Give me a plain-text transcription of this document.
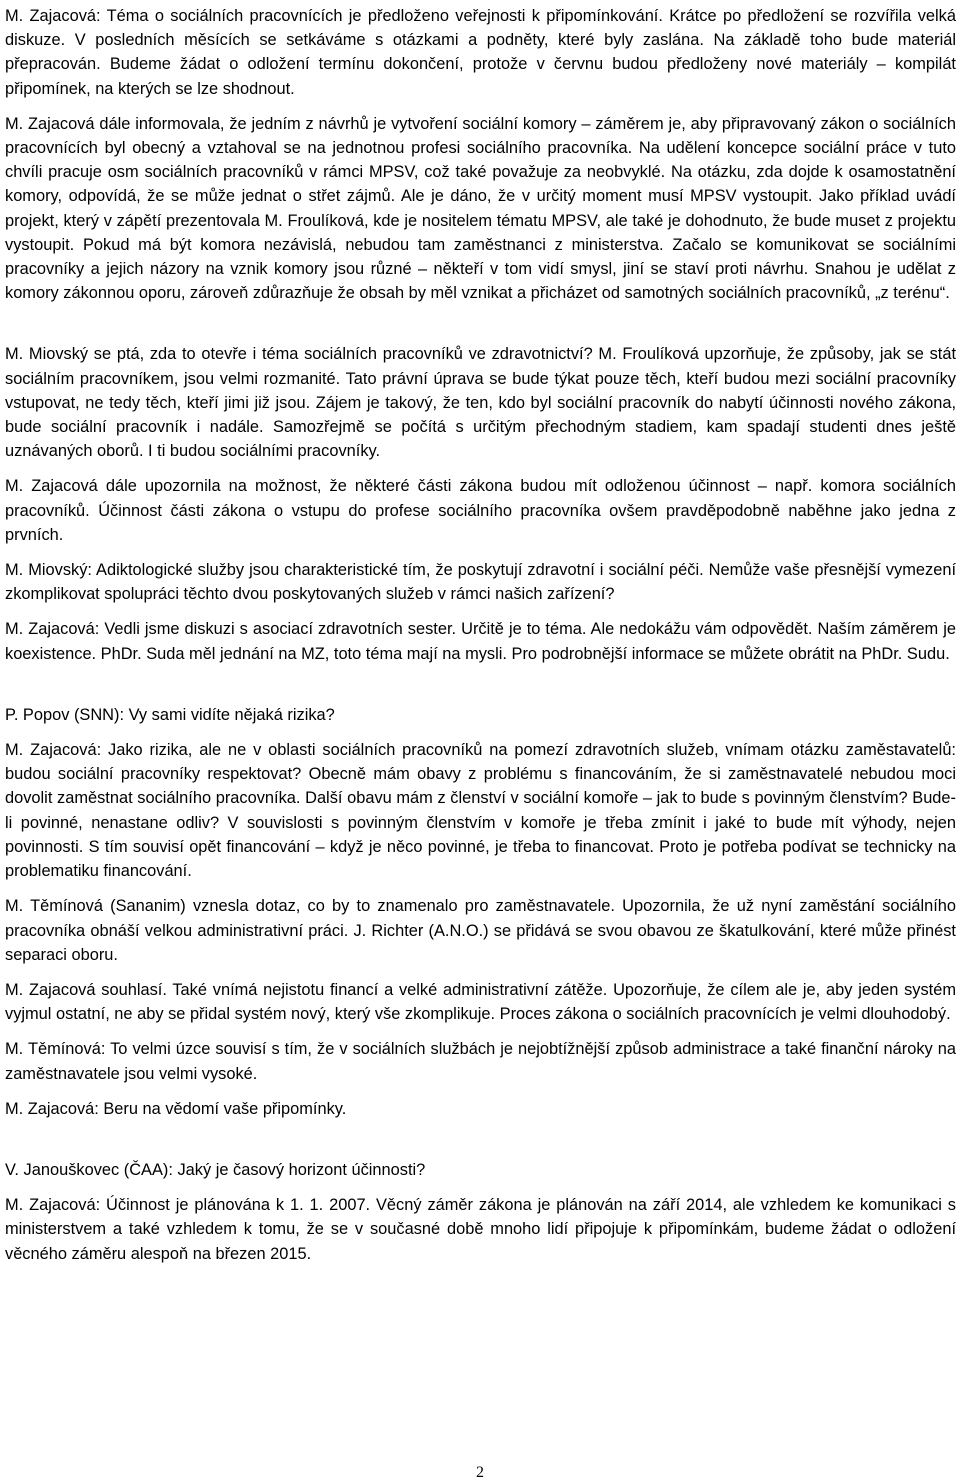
M. Zajacová: Téma o sociálních pracovnících je předloženo veřejnosti k připomínkování. Krátce po předložení se rozvířila velká diskuze. V posledních měsících se setkáváme s otázkami a podněty, které byly zaslána. Na základě toho bude materiál přepracován. Budeme žádat o odložení termínu dokončení, protože v červnu budou předloženy nové materiály – kompilát připomínek, na kterých se lze shodnout.

M. Zajacová dále informovala, že jedním z návrhů je vytvoření sociální komory – záměrem je, aby připravovaný zákon o sociálních pracovnících byl obecný a vztahoval se na jednotnou profesi sociálního pracovníka. Na udělení koncepce sociální práce v tuto chvíli pracuje osm sociálních pracovníků v rámci MPSV, což také považuje za neobvyklé. Na otázku, zda dojde k osamostatnění komory, odpovídá, že se může jednat o střet zájmů. Ale je dáno, že v určitý moment musí MPSV vystoupit. Jako příklad uvádí projekt, který v zápětí prezentovala M. Froulíková, kde je nositelem tématu MPSV, ale také je dohodnuto, že bude muset z projektu vystoupit. Pokud má být komora nezávislá, nebudou tam zaměstnanci z ministerstva. Začalo se komunikovat se sociálními pracovníky a jejich názory na vznik komory jsou různé – někteří v tom vidí smysl, jiní se staví proti návrhu. Snahou je udělat z komory zákonnou oporu, zároveň zdůrazňuje že obsah by měl vznikat a přicházet od samotných sociálních pracovníků, „z terénu“.

M. Miovský se ptá, zda to otevře i téma sociálních pracovníků ve zdravotnictví? M. Froulíková upzorňuje, že způsoby, jak se stát sociálním pracovníkem, jsou velmi rozmanité. Tato právní úprava se bude týkat pouze těch, kteří budou mezi sociální pracovníky vstupovat, ne tedy těch, kteří jimi již jsou. Zájem je takový, že ten, kdo byl sociální pracovník do nabytí účinnosti nového zákona, bude sociální pracovník i nadále. Samozřejmě se počítá s určitým přechodným stadiem, kam spadají studenti dnes ještě uznávaných oborů. I ti budou sociálními pracovníky.

M. Zajacová dále upozornila na možnost, že některé části zákona budou mít odloženou účinnost – např. komora sociálních pracovníků. Účinnost části zákona o vstupu do profese sociálního pracovníka ovšem pravděpodobně naběhne jako jedna z prvních.

M. Miovský: Adiktologické služby jsou charakteristické tím, že poskytují zdravotní i sociální péči. Nemůže vaše přesnější vymezení zkomplikovat spolupráci těchto dvou poskytovaných služeb v rámci našich zařízení?

M. Zajacová: Vedli jsme diskuzi s asociací zdravotních sester. Určitě je to téma. Ale nedokážu vám odpovědět. Naším záměrem je koexistence. PhDr. Suda měl jednání na MZ, toto téma mají na mysli. Pro podrobnější informace se můžete obrátit na PhDr. Sudu.

P. Popov (SNN): Vy sami vidíte nějaká rizika?

M. Zajacová: Jako rizika, ale ne v oblasti sociálních pracovníků na pomezí zdravotních služeb, vnímam otázku zaměstavatelů: budou sociální pracovníky respektovat? Obecně mám obavy z problému s financováním, že si zaměstnavatelé nebudou moci dovolit zaměstnat sociálního pracovníka. Další obavu mám z členství v sociální komoře – jak to bude s povinným členstvím? Bude-li povinné, nenastane odliv? V souvislosti s povinným členstvím v komoře je třeba zmínit i jaké to bude mít výhody, nejen povinnosti. S tím souvisí opět financování – když je něco povinné, je třeba to financovat. Proto je potřeba podívat se technicky na problematiku financování.

M. Těmínová (Sananim) vznesla dotaz, co by to znamenalo pro zaměstnavatele. Upozornila, že už nyní zaměstání sociálního pracovníka obnáší velkou administrativní práci. J. Richter (A.N.O.) se přidává se svou obavou ze škatulkování, které může přinést separaci oboru.

M. Zajacová souhlasí. Také vnímá nejistotu financí a velké administrativní zátěže. Upozorňuje, že cílem ale je, aby jeden systém vyjmul ostatní, ne aby se přidal systém nový, který vše zkomplikuje. Proces zákona o sociálních pracovnících je velmi dlouhodobý.

M. Těmínová: To velmi úzce souvisí s tím, že v sociálních službách je nejobtížnější způsob administrace a také finanční nároky na zaměstnavatele jsou velmi vysoké.

M. Zajacová: Beru na vědomí vaše připomínky.

V. Janouškovec (ČAA): Jaký je časový horizont účinnosti?

M. Zajacová: Účinnost je plánována k 1. 1. 2007. Věcný záměr zákona je plánován na září 2014, ale vzhledem ke komunikaci s ministerstvem a také vzhledem k tomu, že se v současné době mnoho lidí připojuje k připomínkám, budeme žádat o odložení věcného záměru alespoň na březen 2015.

2
